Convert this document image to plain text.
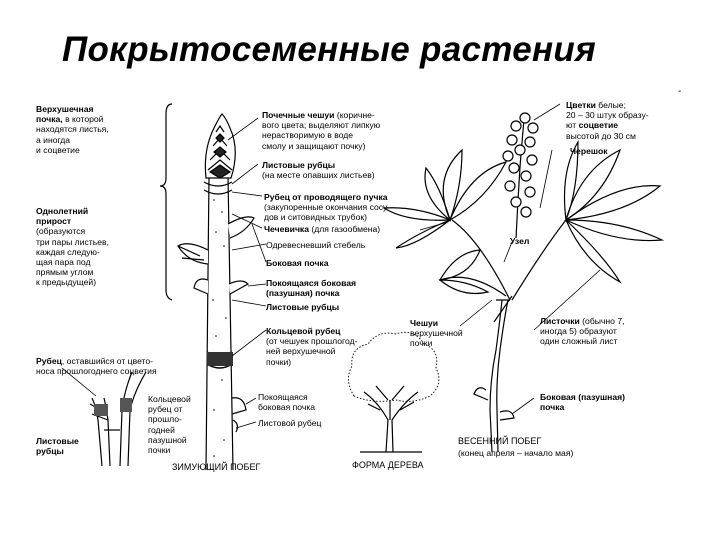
Покрытосеменные растения
-
Верхушечная
почка, в которой
находятся листья,
а иногда
и соцветие
Однолетний
прирост
(образуются
три пары листьев,
каждая следую-
щая пара под
прямым углом
к предыдущей)
Рубец, оставшийся от цвето-
носа прошлогоднего соцветия
Листовые
рубцы
Кольцевой
рубец от
прошло-
годней
пазушной
почки
Почечные чешуи (коричне-
вого цвета; выделяют липкую
нерастворимую в воде
смолу и защищают почку)
Листовые рубцы
(на месте опавших листьев)
Рубец от проводящего пучка
(закупоренные окончания сосу-
дов и ситовидных трубок)
Чечевичка (для газообмена)
Одревесневший стебель
Боковая почка
Покоящаяся боковая
(пазушная) почка
Листовые рубцы
Кольцевой рубец
(от чешуек прошлогод-
ней верхушечной
почки)
Покоящаяся
боковая почка
Листовой рубец
Цветки белые;
20 – 30 штук образу-
ют соцветие
высотой до 30 см
Черешок
Узел
Чешуи
верхушечной
почки
Листочки (обычно 7,
иногда 5) образуют
один сложный лист
Боковая (пазушная)
почка
ЗИМУЮЩИЙ ПОБЕГ	ФОРМА ДЕРЕВА
ВЕСЕННИЙ ПОБЕГ
(конец апреля – начало мая)
